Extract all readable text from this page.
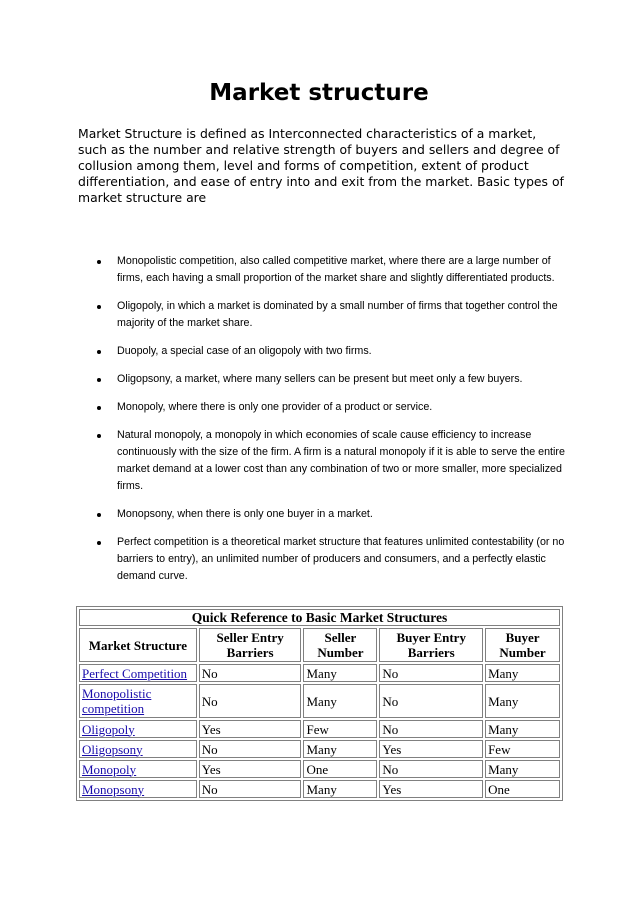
Market structure

Market Structure is defined as Interconnected characteristics of a market, such as the number and relative strength of buyers and sellers and degree of collusion among them, level and forms of competition, extent of product differentiation, and ease of entry into and exit from the market. Basic types of market structure are

Monopolistic competition, also called competitive market, where there are a large number of firms, each having a small proportion of the market share and slightly differentiated products.
Oligopoly, in which a market is dominated by a small number of firms that together control the majority of the market share.
Duopoly, a special case of an oligopoly with two firms.
Oligopsony, a market, where many sellers can be present but meet only a few buyers.
Monopoly, where there is only one provider of a product or service.
Natural monopoly, a monopoly in which economies of scale cause efficiency to increase continuously with the size of the firm. A firm is a natural monopoly if it is able to serve the entire market demand at a lower cost than any combination of two or more smaller, more specialized firms.
Monopsony, when there is only one buyer in a market.
Perfect competition is a theoretical market structure that features unlimited contestability (or no barriers to entry), an unlimited number of producers and consumers, and a perfectly elastic demand curve.
Quick Reference to Basic Market Structures				
Market Structure	Seller Entry Barriers	Seller Number	Buyer Entry Barriers	Buyer Number
Perfect Competition	No	Many	No	Many
Monopolistic competition	No	Many	No	Many
Oligopoly	Yes	Few	No	Many
Oligopsony	No	Many	Yes	Few
Monopoly	Yes	One	No	Many
Monopsony	No	Many	Yes	One
